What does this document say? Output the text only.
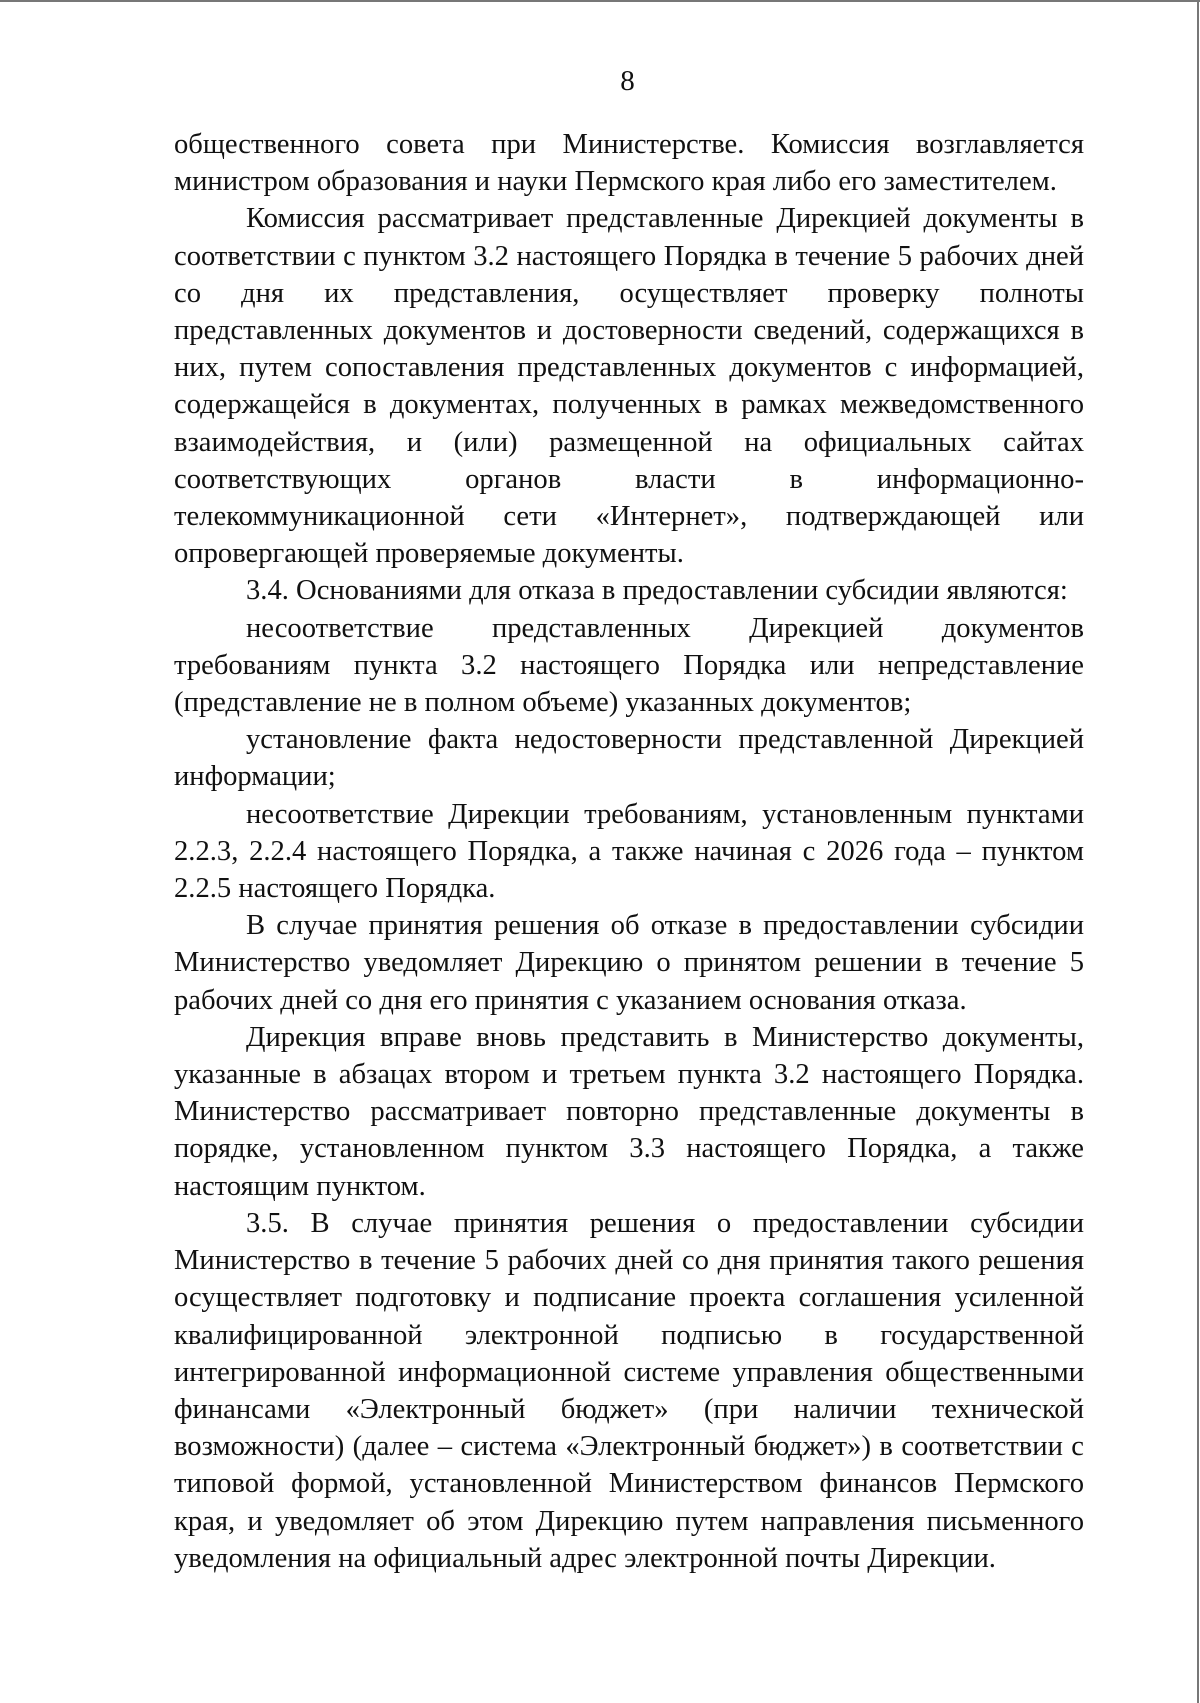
8

общественного совета при Министерстве. Комиссия возглавляется министром образования и науки Пермского края либо его заместителем.

Комиссия рассматривает представленные Дирекцией документы в соответствии с пунктом 3.2 настоящего Порядка в течение 5 рабочих дней со дня их представления, осуществляет проверку полноты представленных документов и достоверности сведений, содержащихся в них, путем сопоставления представленных документов с информацией, содержащейся в документах, полученных в рамках межведомственного взаимодействия, и (или) размещенной на официальных сайтах соответствующих органов власти в информационно-телекоммуникационной сети «Интернет», подтверждающей или опровергающей проверяемые документы.

3.4. Основаниями для отказа в предоставлении субсидии являются:

несоответствие представленных Дирекцией документов требованиям пункта 3.2 настоящего Порядка или непредставление (представление не в полном объеме) указанных документов;

установление факта недостоверности представленной Дирекцией информации;

несоответствие Дирекции требованиям, установленным пунктами 2.2.3, 2.2.4 настоящего Порядка, а также начиная с 2026 года – пунктом 2.2.5 настоящего Порядка.

В случае принятия решения об отказе в предоставлении субсидии Министерство уведомляет Дирекцию о принятом решении в течение 5 рабочих дней со дня его принятия с указанием основания отказа.

Дирекция вправе вновь представить в Министерство документы, указанные в абзацах втором и третьем пункта 3.2 настоящего Порядка. Министерство рассматривает повторно представленные документы в порядке, установленном пунктом 3.3 настоящего Порядка, а также настоящим пунктом.

3.5. В случае принятия решения о предоставлении субсидии Министерство в течение 5 рабочих дней со дня принятия такого решения осуществляет подготовку и подписание проекта соглашения усиленной квалифицированной электронной подписью в государственной интегрированной информационной системе управления общественными финансами «Электронный бюджет» (при наличии технической возможности) (далее – система «Электронный бюджет») в соответствии с типовой формой, установленной Министерством финансов Пермского края, и уведомляет об этом Дирекцию путем направления письменного уведомления на официальный адрес электронной почты Дирекции.
